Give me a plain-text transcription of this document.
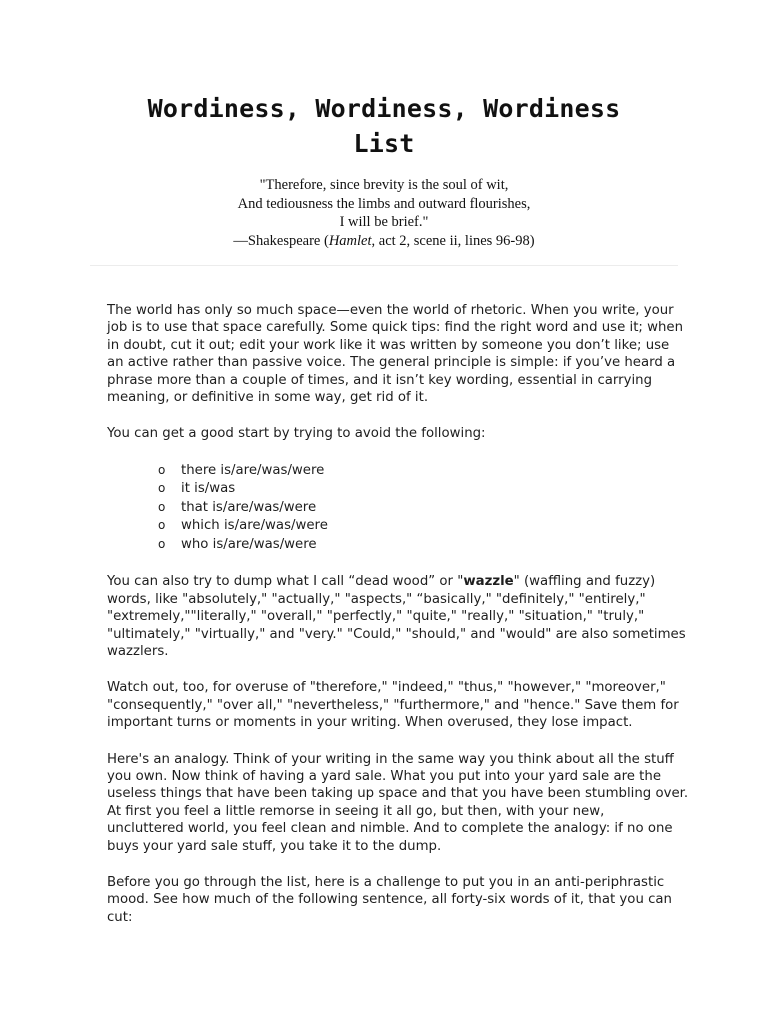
Wordiness, Wordiness, Wordiness
List
"Therefore, since brevity is the soul of wit,
And tediousness the limbs and outward flourishes,
I will be brief."
—Shakespeare (Hamlet, act 2, scene ii, lines 96-98)

The world has only so much space—even the world of rhetoric. When you write, your
job is to use that space carefully. Some quick tips: find the right word and use it; when
in doubt, cut it out; edit your work like it was written by someone you don’t like; use
an active rather than passive voice. The general principle is simple: if you’ve heard a
phrase more than a couple of times, and it isn’t key wording, essential in carrying
meaning, or definitive in some way, get rid of it.

You can get a good start by trying to avoid the following:

o there is/are/was/were
o it is/was
o that is/are/was/were
o which is/are/was/were
o who is/are/was/were

You can also try to dump what I call “dead wood” or "wazzle" (waffling and fuzzy)
words, like "absolutely," "actually," "aspects," “basically," "definitely," "entirely,"
"extremely,""literally," "overall," "perfectly," "quite," "really," "situation," "truly,"
"ultimately," "virtually," and "very." "Could," "should," and "would" are also sometimes
wazzlers.

Watch out, too, for overuse of "therefore," "indeed," "thus," "however," "moreover,"
"consequently," "over all," "nevertheless," "furthermore," and "hence." Save them for
important turns or moments in your writing. When overused, they lose impact.

Here's an analogy. Think of your writing in the same way you think about all the stuff
you own. Now think of having a yard sale. What you put into your yard sale are the
useless things that have been taking up space and that you have been stumbling over.
At first you feel a little remorse in seeing it all go, but then, with your new,
uncluttered world, you feel clean and nimble. And to complete the analogy: if no one
buys your yard sale stuff, you take it to the dump.

Before you go through the list, here is a challenge to put you in an anti-periphrastic
mood. See how much of the following sentence, all forty-six words of it, that you can
cut:
